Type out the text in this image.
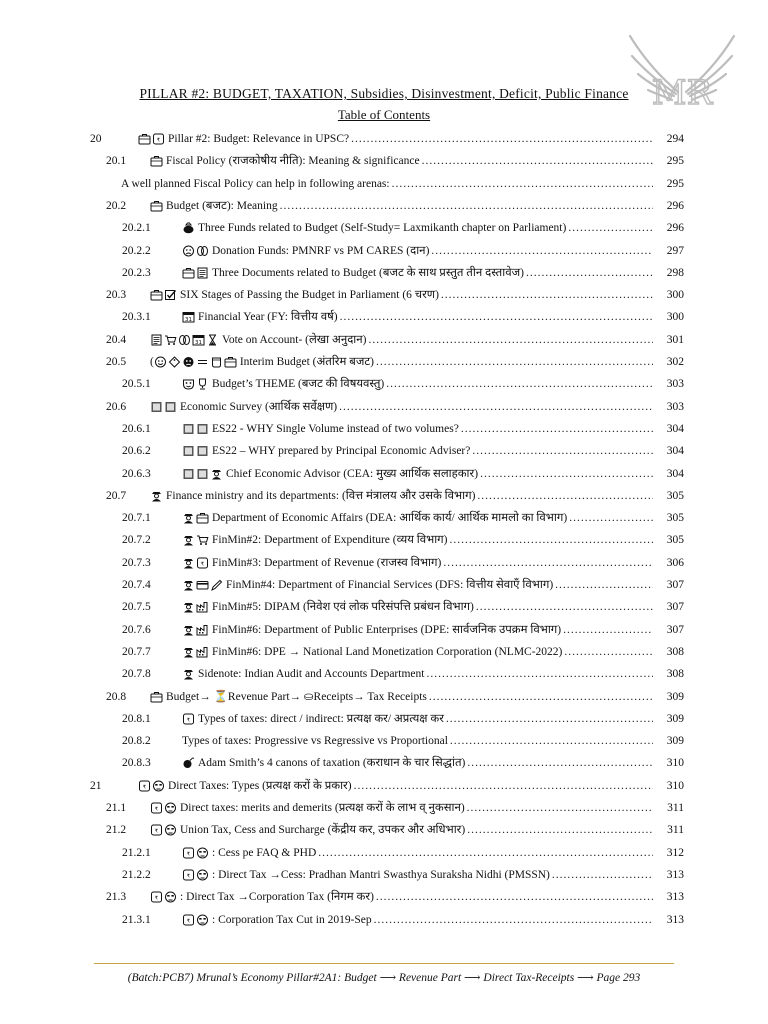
MR
PILLAR #2: BUDGET, TAXATION, Subsidies, Disinvestment, Deficit, Public Finance
Table of Contents
20	₹ Pillar #2: Budget: Relevance in UPSC? .....	294
20.1	Fiscal Policy (राजकोषीय नीति): Meaning & significance .....	295
A well planned Fiscal Policy can help in following arenas: .....	295
20.2	Budget (बजट): Meaning .....	296
20.2.1	Three Funds related to Budget (Self-Study= Laxmikanth chapter on Parliament) .....	296
20.2.2	Donation Funds: PMNRF vs PM CARES (दान) .....	297
20.2.3	Three Documents related to Budget (बजट के साथ प्रस्तुत तीन दस्तावेज) .....	298
20.3	SIX Stages of Passing the Budget in Parliament (6 चरण) .....	300
20.3.1	31 Financial Year (FY: वित्तीय वर्ष) .....	300
20.4	31 Vote on Account- (लेखा अनुदान) .....	301
20.5 (	Interim Budget (अंतरिम बजट) .....	302
20.5.1	Budget’s THEME (बजट की विषयवस्तु) .....	303
20.6	Economic Survey (आर्थिक सर्वेक्षण) .....	303
20.6.1	ES22 - WHY Single Volume instead of two volumes? .....	304
20.6.2	ES22 – WHY prepared by Principal Economic Adviser? .....	304
20.6.3	Chief Economic Advisor (CEA: मुख्य आर्थिक सलाहकार) .....	304
20.7	Finance ministry and its departments: (वित्त मंत्रालय और उसके विभाग) .....	305
20.7.1	Department of Economic Affairs (DEA: आर्थिक कार्य/ आर्थिक मामलो का विभाग) .....	305
20.7.2	FinMin#2: Department of Expenditure (व्यय विभाग) .....	305
20.7.3	₹ FinMin#3: Department of Revenue (राजस्व विभाग) .....	306
20.7.4	FinMin#4: Department of Financial Services (DFS: वित्तीय सेवाएँ विभाग) .....	307
20.7.5	FinMin#5: DIPAM (निवेश एवं लोक परिसंपत्ति प्रबंधन विभाग) .....	307
20.7.6	FinMin#6: Department of Public Enterprises (DPE: सार्वजनिक उपक्रम विभाग) .....	307
20.7.7	FinMin#6: DPE → National Land Monetization Corporation (NLMC-2022) .....	308
20.7.8	Sidenote: Indian Audit and Accounts Department .....	308
20.8	Budget→ ⏳Revenue Part→ ⛀Receipts→ Tax Receipts .....	309
20.8.1	₹ Types of taxes: direct / indirect: प्रत्यक्ष कर/ अप्रत्यक्ष कर .....	309
20.8.2	Types of taxes: Progressive vs Regressive vs Proportional .....	309
20.8.3	Adam Smith’s 4 canons of taxation (कराधान के चार सिद्धांत) .....	310
21	₹ Direct Taxes: Types (प्रत्यक्ष करों के प्रकार) .....	310
21.1	₹ Direct taxes: merits and demerits (प्रत्यक्ष करों के लाभ व् नुकसान) .....	311
21.2	₹ Union Tax, Cess and Surcharge (केंद्रीय कर, उपकर और अधिभार) .....	311
21.2.1	₹ : Cess pe FAQ & PHD .....	312
21.2.2	₹ : Direct Tax →Cess: Pradhan Mantri Swasthya Suraksha Nidhi (PMSSN) .....	313
21.3	₹ : Direct Tax →Corporation Tax (निगम कर) .....	313
21.3.1	₹ : Corporation Tax Cut in 2019-Sep .....	313
(Batch:PCB7) Mrunal’s Economy Pillar#2A1: Budget ⟶ Revenue Part ⟶ Direct Tax-Receipts ⟶ Page 293
